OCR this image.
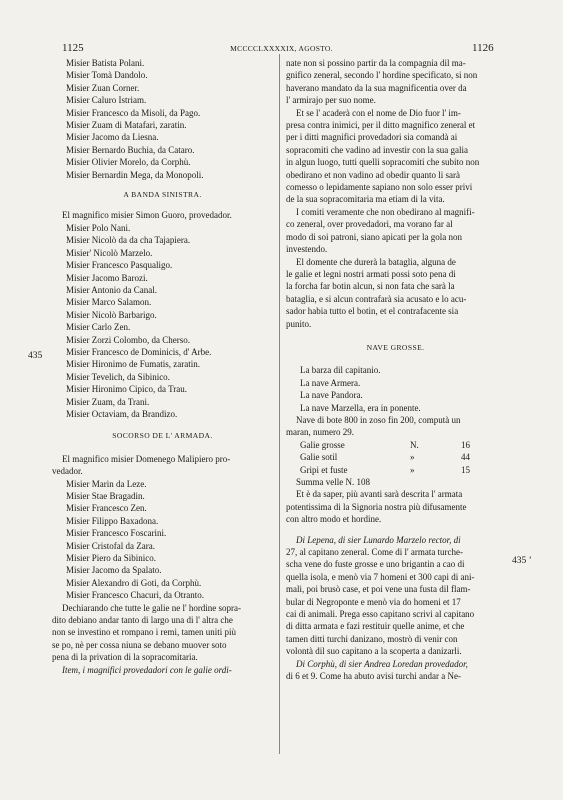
1125	MCCCCLXXXXIX, AGOSTO.	1126
435
435 ʼ
Misier Batista Polani.
Misier Tomà Dandolo.
Misier Zuan Corner.
Misier Caluro Istriam.
Misier Francesco da Misoli, da Pago.
Misier Zuam di Matafari, zaratin.
Misier Jacomo da Liesna.
Misier Bernardo Buchia, da Cataro.
Misier Olivier Morelo, da Corphù.
Misier Bernardin Mega, da Monopoli.
A BANDA SINISTRA.
El magnifico misier Simon Guoro, provedador.
Misier Polo Nani.
Misier Nicolò da da cha Tajapiera.
Misier' Nicolò Marzelo.
Misier Francesco Pasqualigo.
Misier Jacomo Barozi.
Misier Antonio da Canal.
Misier Marco Salamon.
Misier Nicolò Barbarigo.
Misier Carlo Zen.
Misier Zorzi Colombo, da Cherso.
Misier Francesco de Dominicis, d' Arbe.
Misier Hironimo de Fumatis, zaratin.
Misier Tevelich, da Sibinico.
Misier Hironimo Cipico, da Trau.
Misier Zuam, da Trani.
Misier Octaviam, da Brandizo.
SOCORSO DE L' ARMADA.
El magnifico misier Domenego Malipiero pro-
vedador.
Misier Marin da Leze.
Misier Stae Bragadin.
Misier Francesco Zen.
Misier Filippo Baxadona.
Misier Francesco Foscarini.
Misier Cristofal da Zara.
Misier Piero da Sibinico.
Misier Jacomo da Spalato.
Misier Alexandro di Goti, da Corphù.
Misier Francesco Chacuri, da Otranto.
Dechiarando che tutte le galie ne l' hordine sopra-
dito debiano andar tanto di largo una di l' altra che
non se investino et rompano i remi, tamen uniti più
se po, nè per cossa niuna se debano muover soto
pena di la privation di la sopracomitaria.
Item, i magnifici provedadori con le galie ordi-
nate non si possino partir da la compagnia dil ma-
gnifico zeneral, secondo l' hordine specificato, si non
haverano mandato da la sua magnificentia over da
l' armirajo per suo nome.
Et se l' acaderà con el nome de Dio fuor l' im-
presa contra inimici, per il ditto magnifico zeneral et
per i ditti magnifici provedadori sia comandà ai
sopracomiti che vadino ad investir con la sua galia
in algun luogo, tutti quelli sopracomiti che subito non
obedirano et non vadino ad obedir quanto li sarà
comesso o lepidamente sapiano non solo esser privi
de la sua sopracomitaria ma etiam di la vita.
I comiti veramente che non obedirano al magnifi-
co zeneral, over provedadori, ma vorano far al
modo di soi patroni, siano apicati per la gola non
investendo.
El domente che durerà la bataglia, alguna de
le galie et legni nostri armati possi soto pena di
la forcha far botin alcun, si non fata che sarà la
bataglia, e si alcun contrafarà sia acusato e lo acu-
sador habia tutto el botin, et el contrafacente sia
punito.
NAVE GROSSE.
La barza dil capitanio.
La nave Armera.
La nave Pandora.
La nave Marzella, era in ponente.
Nave di bote 800 in zoso fin 200, computà un
maran, numero 29.
Galie grosse	N.	16
Galie sotil	»	44
Gripi et fuste	»	15
Summa velle N. 108
Et è da saper, più avanti sarà descrita l' armata
potentissima di la Signoria nostra più difusamente
con altro modo et hordine.
Di Lepena, di sier Lunardo Marzelo rector, di
27, al capitano zeneral. Come di l' armata turche-
scha vene do fuste grosse e uno brigantin a cao di
quella isola, e menò via 7 homeni et 300 capi di ani-
mali, poi brusò case, et poi vene una fusta dil flam-
bular di Negroponte e menò via do homeni et 17
cai di animali. Prega esso capitano scrivi al capitano
di ditta armata e fazi restituir quelle anime, et che
tamen ditti turchi danizano, mostrò di venir con
volontà dil suo capitano a la scoperta a danizarli.
Di Corphù, di sier Andrea Loredan provedador,
di 6 et 9. Come ha abuto avisi turchi andar a Ne-
